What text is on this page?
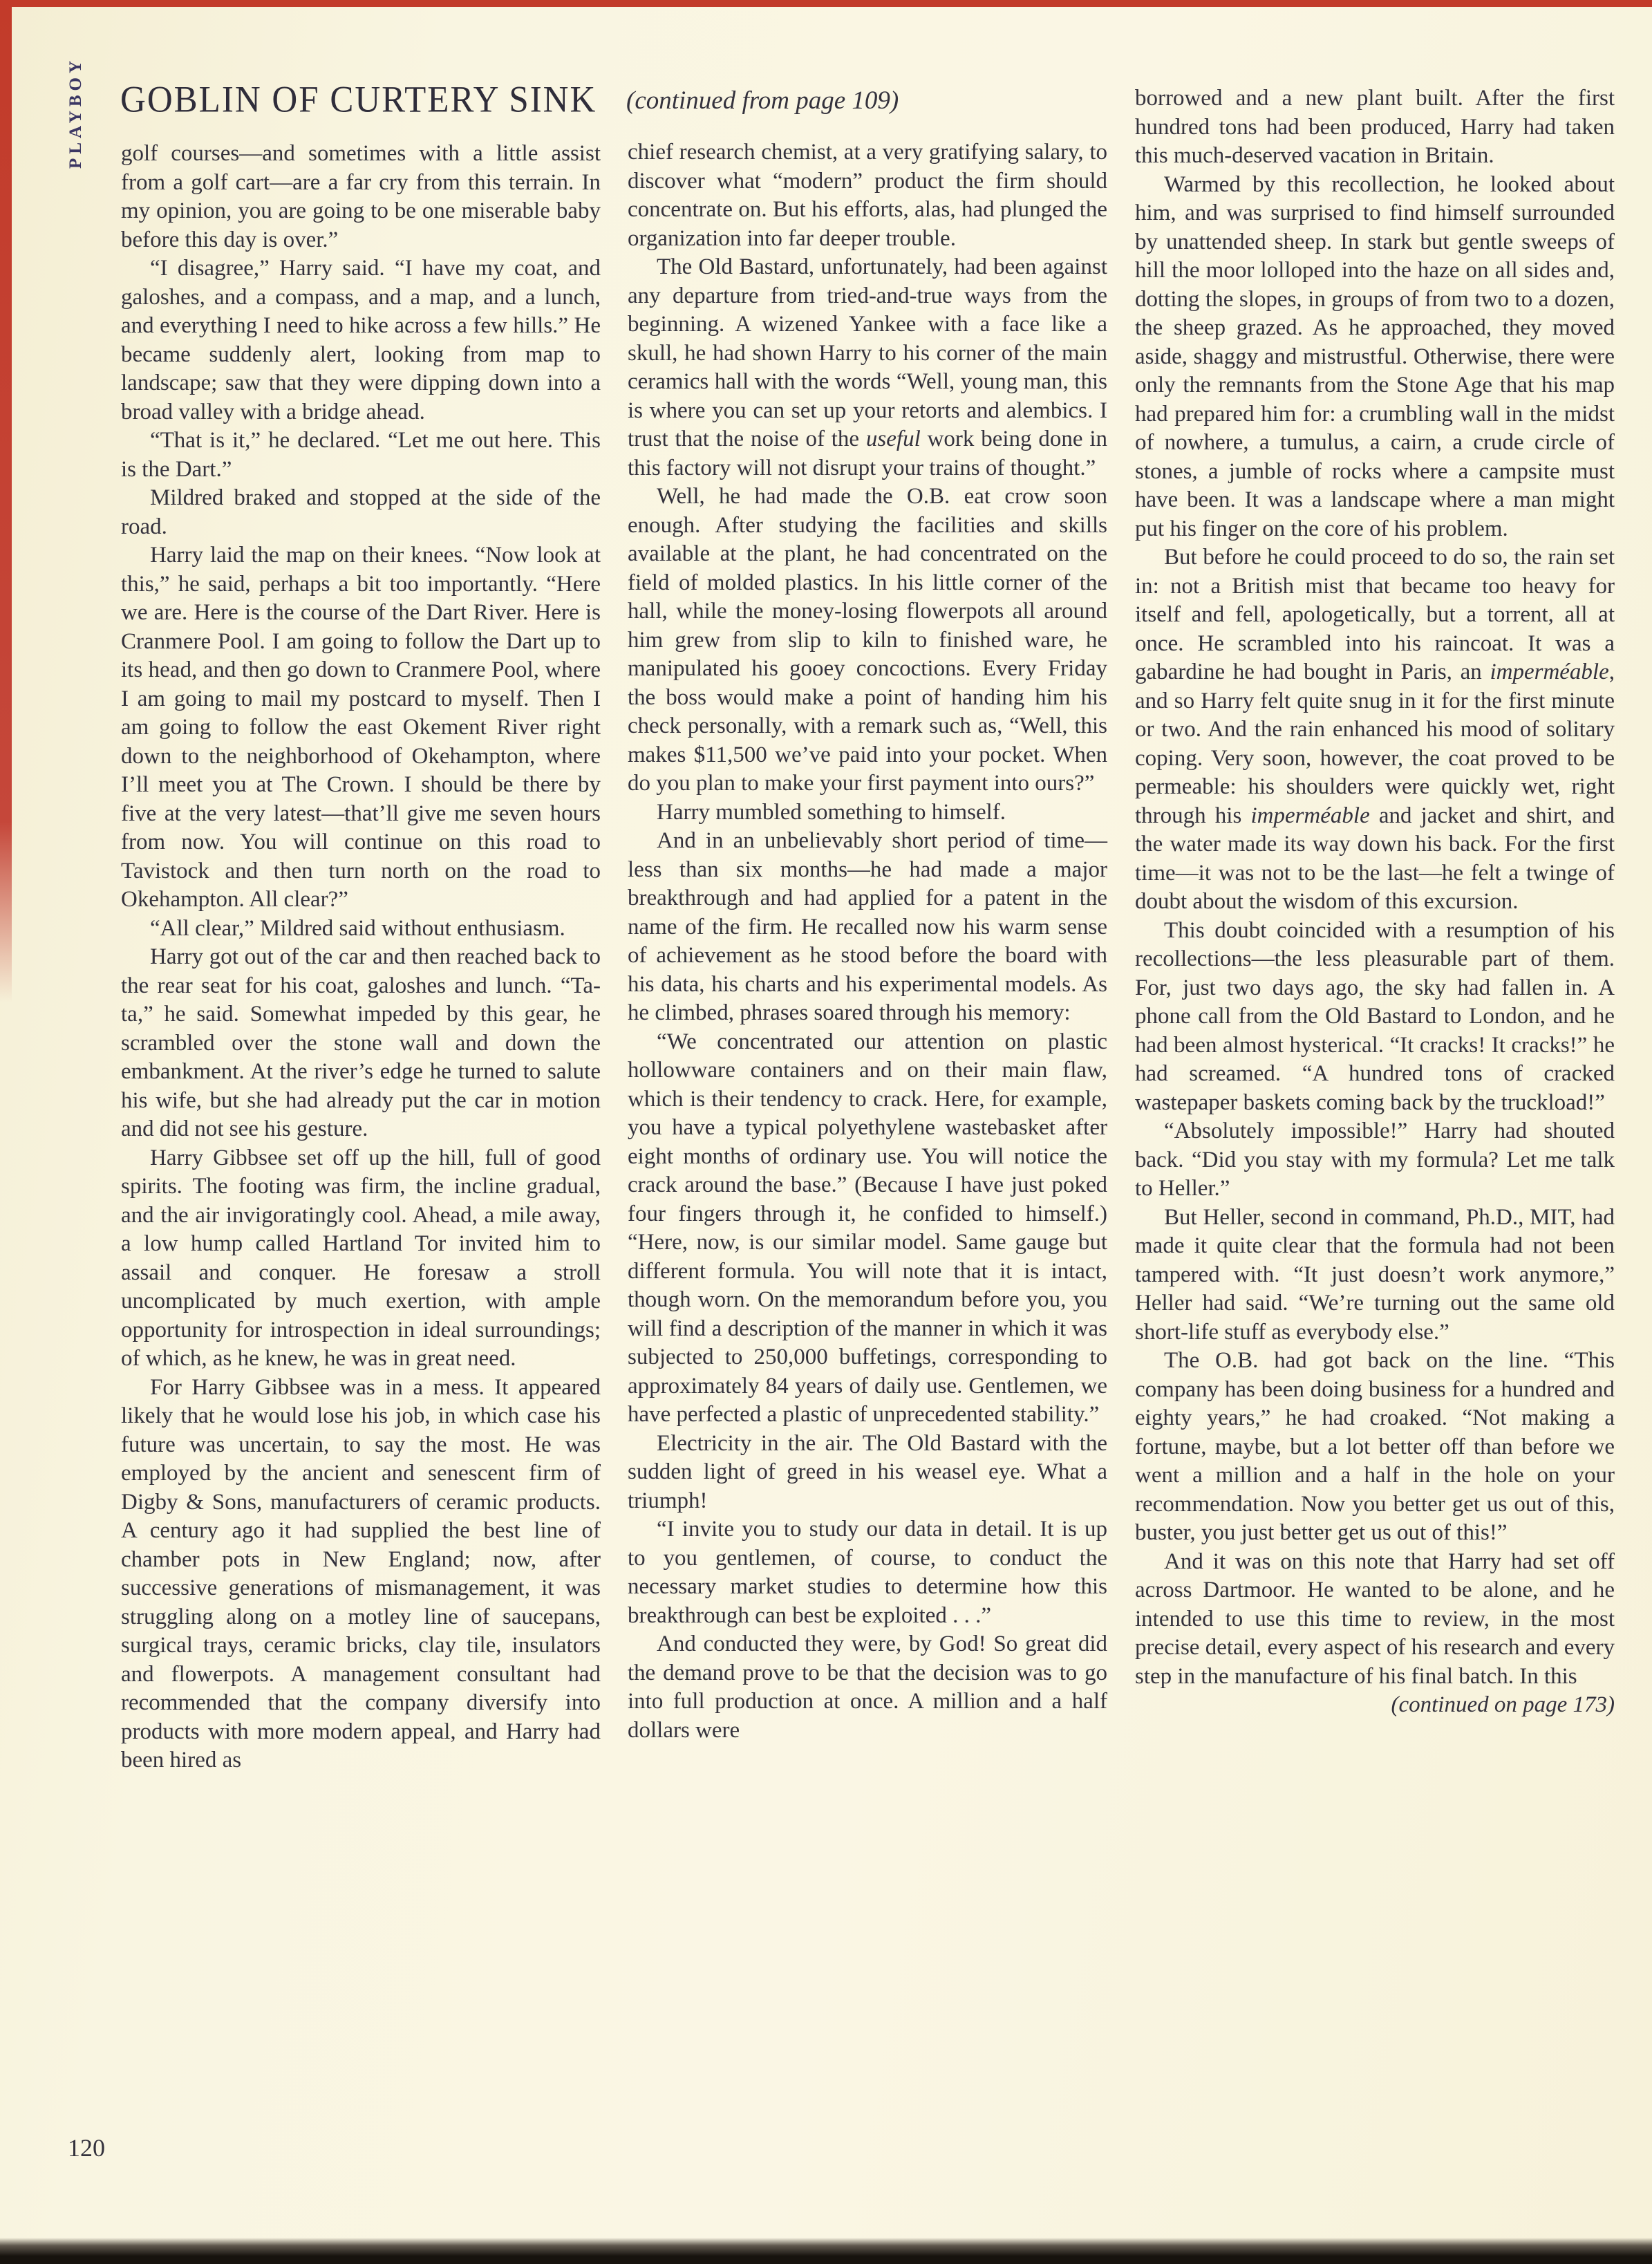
PLAYBOY GOBLIN OF CURTERY SINK (continued from page 109)

golf courses—and sometimes with a little assist from a golf cart—are a far cry from this terrain. In my opinion, you are going to be one miserable baby before this day is over.”

“I disagree,” Harry said. “I have my coat, and galoshes, and a compass, and a map, and a lunch, and everything I need to hike across a few hills.” He became suddenly alert, looking from map to landscape; saw that they were dipping down into a broad valley with a bridge ahead.

“That is it,” he declared. “Let me out here. This is the Dart.”

Mildred braked and stopped at the side of the road.

Harry laid the map on their knees. “Now look at this,” he said, perhaps a bit too importantly. “Here we are. Here is the course of the Dart River. Here is Cranmere Pool. I am going to follow the Dart up to its head, and then go down to Cranmere Pool, where I am going to mail my postcard to myself. Then I am going to follow the east Okement River right down to the neighborhood of Okehampton, where I’ll meet you at The Crown. I should be there by five at the very latest—that’ll give me seven hours from now. You will continue on this road to Tavistock and then turn north on the road to Okehampton. All clear?”

“All clear,” Mildred said without enthusiasm.

Harry got out of the car and then reached back to the rear seat for his coat, galoshes and lunch. “Ta-ta,” he said. Somewhat impeded by this gear, he scrambled over the stone wall and down the embankment. At the river’s edge he turned to salute his wife, but she had already put the car in motion and did not see his gesture.

Harry Gibbsee set off up the hill, full of good spirits. The footing was firm, the incline gradual, and the air invigoratingly cool. Ahead, a mile away, a low hump called Hartland Tor invited him to assail and conquer. He foresaw a stroll uncomplicated by much exertion, with ample opportunity for introspection in ideal surroundings; of which, as he knew, he was in great need.

For Harry Gibbsee was in a mess. It appeared likely that he would lose his job, in which case his future was uncertain, to say the most. He was employed by the ancient and senescent firm of Digby & Sons, manufacturers of ceramic products. A century ago it had supplied the best line of chamber pots in New England; now, after successive generations of mismanagement, it was struggling along on a motley line of saucepans, surgical trays, ceramic bricks, clay tile, insulators and flowerpots. A management consultant had recommended that the company diversify into products with more modern appeal, and Harry had been hired as

chief research chemist, at a very gratifying salary, to discover what “modern” product the firm should concentrate on. But his efforts, alas, had plunged the organization into far deeper trouble.

The Old Bastard, unfortunately, had been against any departure from tried-and-true ways from the beginning. A wizened Yankee with a face like a skull, he had shown Harry to his corner of the main ceramics hall with the words “Well, young man, this is where you can set up your retorts and alembics. I trust that the noise of the useful work being done in this factory will not disrupt your trains of thought.”

Well, he had made the O.B. eat crow soon enough. After studying the facilities and skills available at the plant, he had concentrated on the field of molded plastics. In his little corner of the hall, while the money-losing flowerpots all around him grew from slip to kiln to finished ware, he manipulated his gooey concoctions. Every Friday the boss would make a point of handing him his check personally, with a remark such as, “Well, this makes $11,500 we’ve paid into your pocket. When do you plan to make your first payment into ours?”

Harry mumbled something to himself.

And in an unbelievably short period of time—less than six months—he had made a major breakthrough and had applied for a patent in the name of the firm. He recalled now his warm sense of achievement as he stood before the board with his data, his charts and his experimental models. As he climbed, phrases soared through his memory:

“We concentrated our attention on plastic hollowware containers and on their main flaw, which is their tendency to crack. Here, for example, you have a typical polyethylene wastebasket after eight months of ordinary use. You will notice the crack around the base.” (Because I have just poked four fingers through it, he confided to himself.) “Here, now, is our similar model. Same gauge but different formula. You will note that it is intact, though worn. On the memorandum before you, you will find a description of the manner in which it was subjected to 250,000 buffetings, corresponding to approximately 84 years of daily use. Gentlemen, we have perfected a plastic of unprecedented stability.”

Electricity in the air. The Old Bastard with the sudden light of greed in his weasel eye. What a triumph!

“I invite you to study our data in detail. It is up to you gentlemen, of course, to conduct the necessary market studies to determine how this breakthrough can best be exploited . . .”

And conducted they were, by God! So great did the demand prove to be that the decision was to go into full production at once. A million and a half dollars were

borrowed and a new plant built. After the first hundred tons had been produced, Harry had taken this much-deserved vacation in Britain.

Warmed by this recollection, he looked about him, and was surprised to find himself surrounded by unattended sheep. In stark but gentle sweeps of hill the moor lolloped into the haze on all sides and, dotting the slopes, in groups of from two to a dozen, the sheep grazed. As he approached, they moved aside, shaggy and mistrustful. Otherwise, there were only the remnants from the Stone Age that his map had prepared him for: a crumbling wall in the midst of nowhere, a tumulus, a cairn, a crude circle of stones, a jumble of rocks where a campsite must have been. It was a landscape where a man might put his finger on the core of his problem.

But before he could proceed to do so, the rain set in: not a British mist that became too heavy for itself and fell, apologetically, but a torrent, all at once. He scrambled into his raincoat. It was a gabardine he had bought in Paris, an imperméable, and so Harry felt quite snug in it for the first minute or two. And the rain enhanced his mood of solitary coping. Very soon, however, the coat proved to be permeable: his shoulders were quickly wet, right through his imperméable and jacket and shirt, and the water made its way down his back. For the first time—it was not to be the last—he felt a twinge of doubt about the wisdom of this excursion.

This doubt coincided with a resumption of his recollections—the less pleasurable part of them. For, just two days ago, the sky had fallen in. A phone call from the Old Bastard to London, and he had been almost hysterical. “It cracks! It cracks!” he had screamed. “A hundred tons of cracked wastepaper baskets coming back by the truckload!”

“Absolutely impossible!” Harry had shouted back. “Did you stay with my formula? Let me talk to Heller.”

But Heller, second in command, Ph.D., MIT, had made it quite clear that the formula had not been tampered with. “It just doesn’t work anymore,” Heller had said. “We’re turning out the same old short-life stuff as everybody else.”

The O.B. had got back on the line. “This company has been doing business for a hundred and eighty years,” he had croaked. “Not making a fortune, maybe, but a lot better off than before we went a million and a half in the hole on your recommendation. Now you better get us out of this, buster, you just better get us out of this!”

And it was on this note that Harry had set off across Dartmoor. He wanted to be alone, and he intended to use this time to review, in the most precise detail, every aspect of his research and every step in the manufacture of his final batch. In this

(continued on page 173)

120
